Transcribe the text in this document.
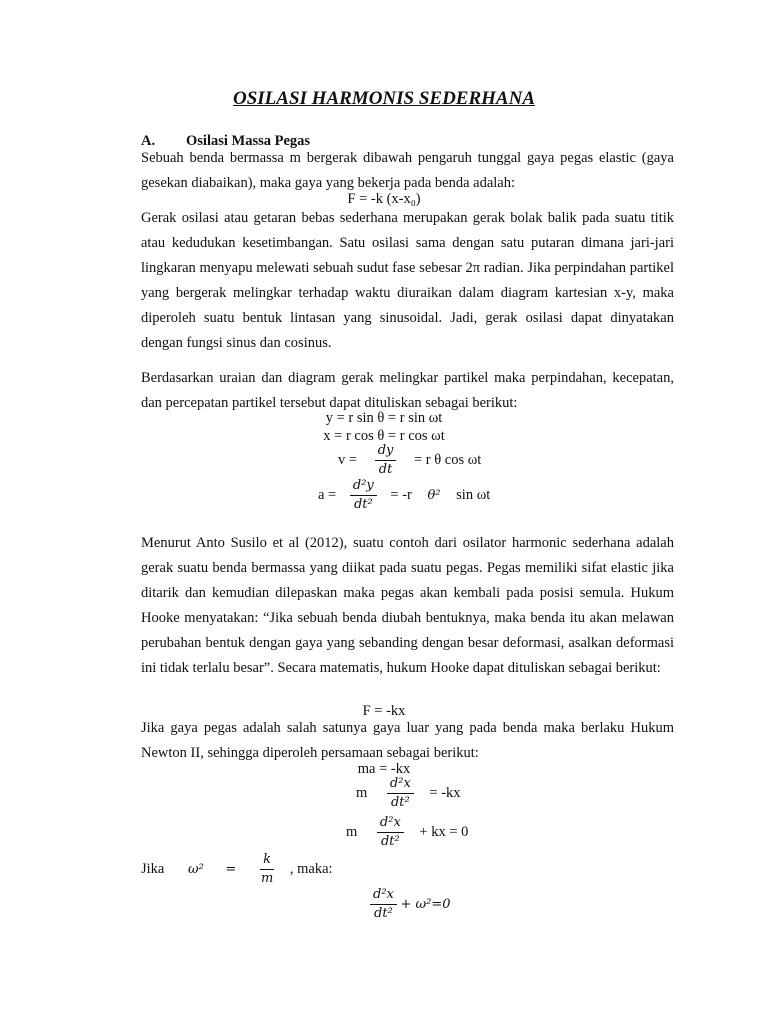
OSILASI HARMONIS SEDERHANA
A. Osilasi Massa Pegas

Sebuah benda bermassa m bergerak dibawah pengaruh tunggal gaya pegas elastic (gaya gesekan diabaikan), maka gaya yang bekerja pada benda adalah:

F = -k (x-x₀)

Gerak osilasi atau getaran bebas sederhana merupakan gerak bolak balik pada suatu titik atau kedudukan kesetimbangan. Satu osilasi sama dengan satu putaran dimana jari-jari lingkaran menyapu melewati sebuah sudut fase sebesar 2π radian. Jika perpindahan partikel yang bergerak melingkar terhadap waktu diuraikan dalam diagram kartesian x-y, maka diperoleh suatu bentuk lintasan yang sinusoidal. Jadi, gerak osilasi dapat dinyatakan dengan fungsi sinus dan cosinus.

Berdasarkan uraian dan diagram gerak melingkar partikel maka perpindahan, kecepatan, dan percepatan partikel tersebut dapat dituliskan sebagai berikut:

y = r sin θ = r sin ωt
x = r cos θ = r cos ωt
$v = \frac{dy}{dt} = r$ θ cos ωt
$a = \frac{\text{d²y}}{\text{dt²}} = -r$ θ² sin ωt

Menurut Anto Susilo et al (2012), suatu contoh dari osilator harmonic sederhana adalah gerak suatu benda bermassa yang diikat pada suatu pegas. Pegas memiliki sifat elastic jika ditarik dan kemudian dilepaskan maka pegas akan kembali pada posisi semula. Hukum Hooke menyatakan: “Jika sebuah benda diubah bentuknya, maka benda itu akan melawan perubahan bentuk dengan gaya yang sebanding dengan besar deformasi, asalkan deformasi ini tidak terlalu besar”. Secara matematis, hukum Hooke dapat dituliskan sebagai berikut:

F = -kx

Jika gaya pegas adalah salah satunya gaya luar yang pada benda maka berlaku Hukum Newton II, sehingga diperoleh persamaan sebagai berikut:

ma = -kx
m $\frac{\text{d²x}}{\text{dt²}} = -kx$
m $\frac{\text{d²x}}{\text{dt²}}$ + kx = 0
Jika $\omega^2 = \frac{k}{m}$ , maka:
$\frac{\text{d²x}}{\text{dt²}} + \omega^2=0$
